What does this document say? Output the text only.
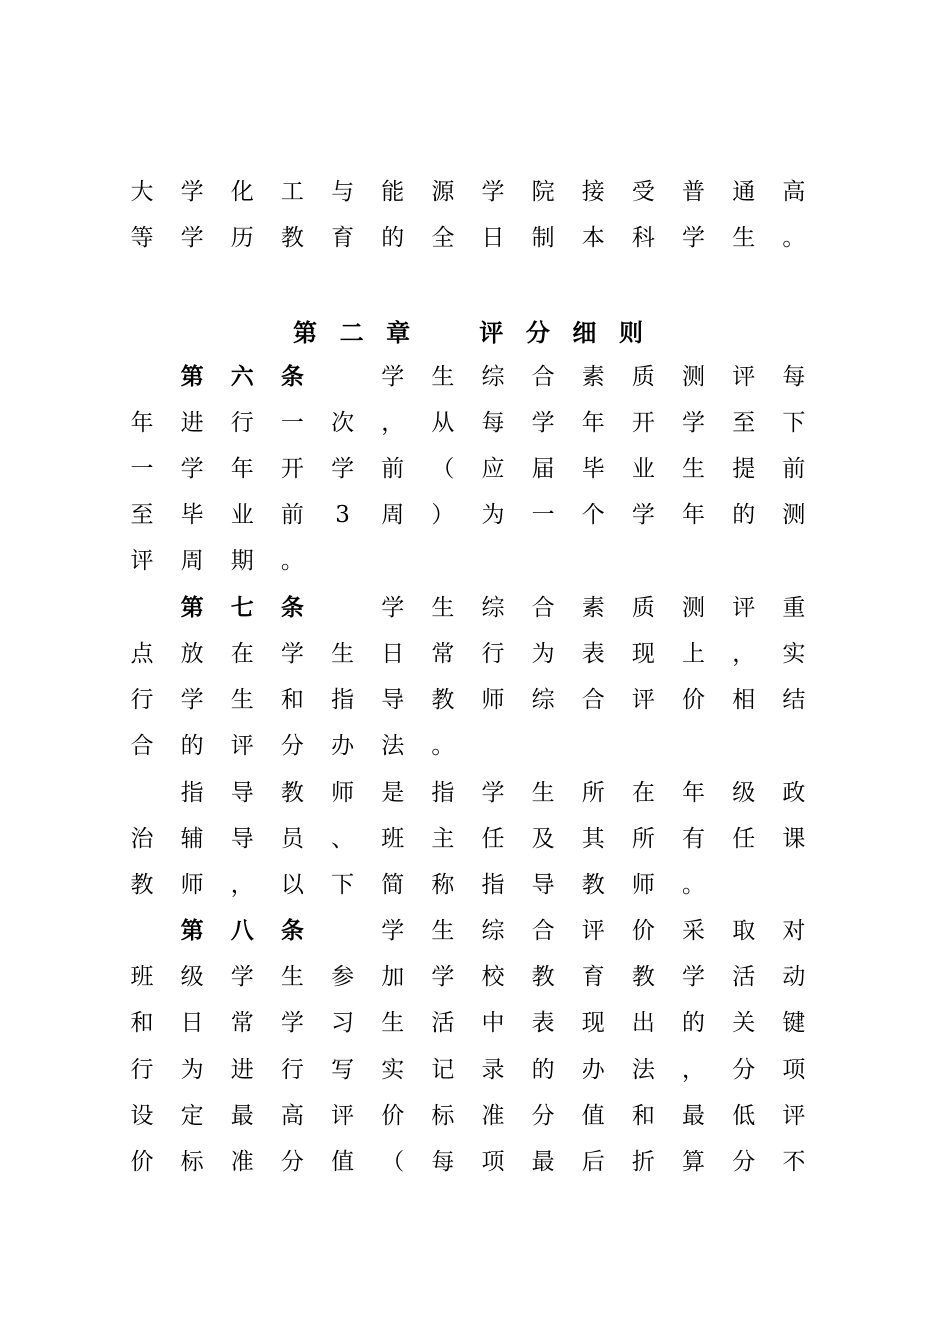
大 学 化 工 与 能 源 学 院 接 受 普 通 高
等 学 历 教 育 的 全 日 制 本 科 学 生 。
第 六 条	学 生 综 合 素 质 测 评 每
年 进 行 一 次 ， 从 每 学 年 开 学 至 下
一 学 年 开 学 前 （ 应 届 毕 业 生 提 前
至 毕 业 前 3 周 ） 为 一 个 学 年 的 测
评 周 期 。
第 七 条	学 生 综 合 素 质 测 评 重
点 放 在 学 生 日 常 行 为 表 现 上 ， 实
行 学 生 和 指 导 教 师 综 合 评 价 相 结
合 的 评 分 办 法 。
指 导 教 师 是 指 学 生 所 在 年 级 政
治 辅 导 员 、 班 主 任 及 其 所 有 任 课
教 师 ， 以 下 简 称 指 导 教 师 。
第 八 条	学 生 综 合 评 价 采 取 对
班 级 学 生 参 加 学 校 教 育 教 学 活 动
和 日 常 学 习 生 活 中 表 现 出 的 关 键
行 为 进 行 写 实 记 录 的 办 法 ， 分 项
设 定 最 高 评 价 标 准 分 值 和 最 低 评
价 标 准 分 值 （ 每 项 最 后 折 算 分 不
第 二 章	评 分 细 则
